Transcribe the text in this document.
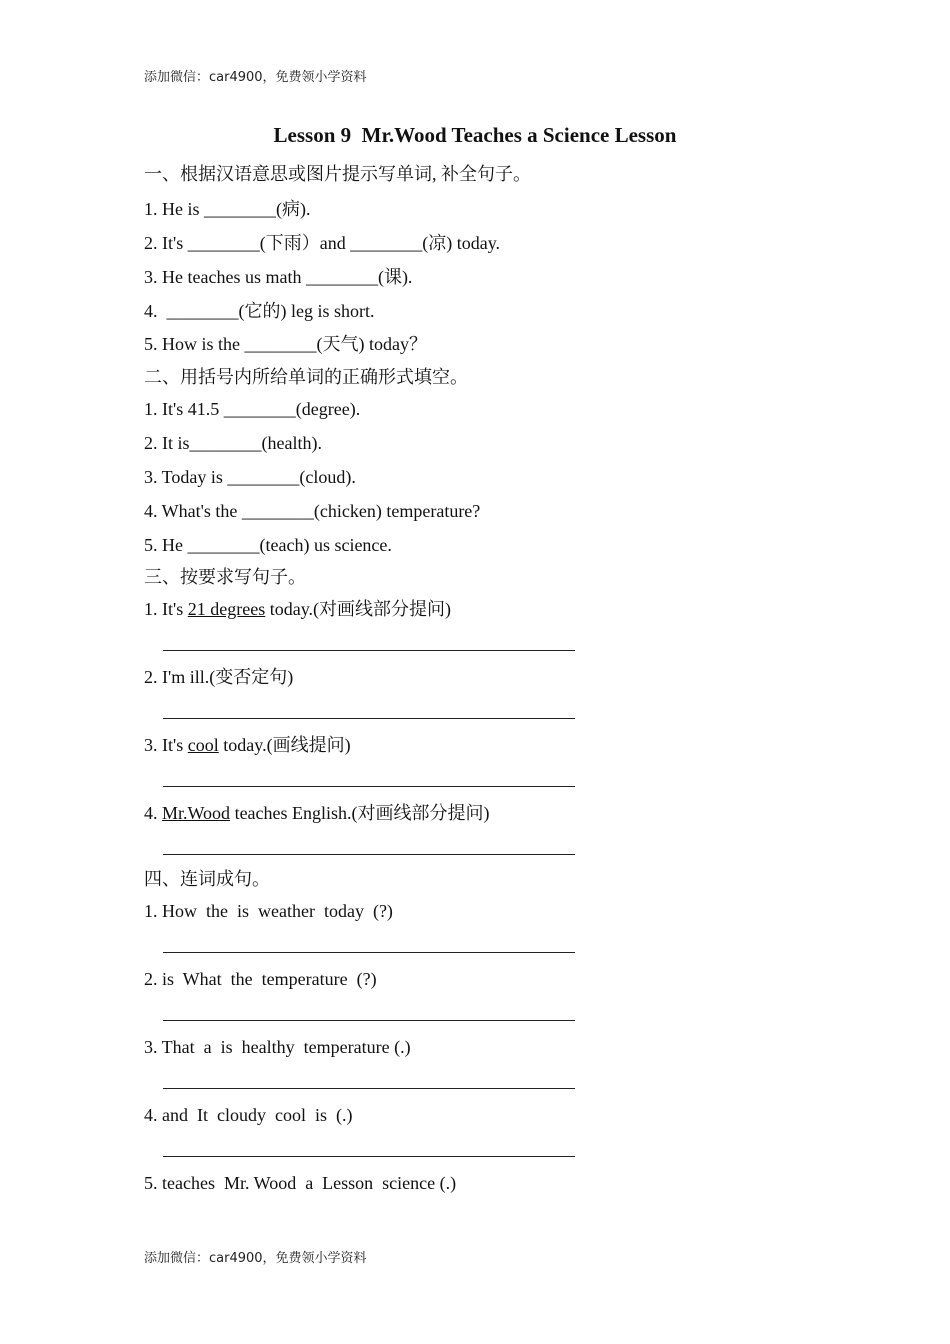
添加微信：car4900，免费领小学资料
Lesson 9  Mr.Wood Teaches a Science Lesson
一、根据汉语意思或图片提示写单词, 补全句子。
1. He is ________(病).
2. It's ________(下雨）and ________(凉) today.
3. He teaches us math ________(课).
4.  ________(它的) leg is short.
5. How is the ________(天气) today？
二、用括号内所给单词的正确形式填空。
1. It's 41.5 ________(degree).
2. It is________(health).
3. Today is ________(cloud).
4. What's the ________(chicken) temperature?
5. He ________(teach) us science.
三、按要求写句子。
1. It's 21 degrees today.(对画线部分提问)
2. I'm ill.(变否定句)
3. It's cool today.(画线提问)
4. Mr.Wood teaches English.(对画线部分提问)
四、连词成句。
1. How  the  is  weather  today  (?)
2. is  What  the  temperature  (?)
3. That  a  is  healthy  temperature (.)
4. and  It  cloudy  cool  is  (.)
5. teaches  Mr. Wood  a  Lesson  science (.)
添加微信：car4900，免费领小学资料
